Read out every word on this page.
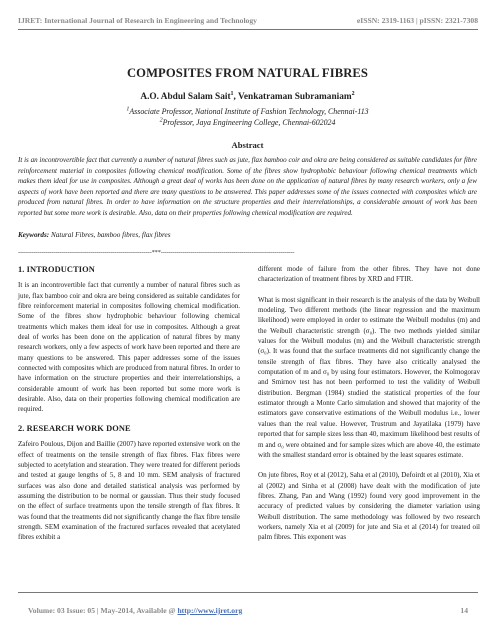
IJRET: International Journal of Research in Engineering and Technology	eISSN: 2319-1163 | pISSN: 2321-7308
COMPOSITES FROM NATURAL FIBRES
A.O. Abdul Salam Sait$^1$, Venkatraman Subramaniam$^2$
$^1$Associate Professor, National Institute of Fashion Technology, Chennai-113
$^2$Professor, Jaya Engineering College, Chennai-602024
Abstract
It is an incontrovertible fact that currently a number of natural fibres such as jute, flax bamboo coir and okra are being considered as suitable candidates for fibre reinforcement material in composites following chemical modification. Some of the fibres show hydrophobic behaviour following chemical treatments which makes them ideal for use in composites. Although a great deal of works has been done on the application of natural fibres by many research workers, only a few aspects of work have been reported and there are many questions to be answered. This paper addresses some of the issues connected with composites which are produced from natural fibres. In order to have information on the structure properties and their interrelationships, a considerable amount of work has been reported but some more work is desirable. Also, data on their properties following chemical modification are required.
Keywords: Natural Fibres, bamboo fibres, flax fibres
--------------------------------------------------------------------***--------------------------------------------------------------------
1. INTRODUCTION

It is an incontrovertible fact that currently a number of natural fibres such as jute, flax bamboo coir and okra are being considered as suitable candidates for fibre reinforcement material in composites following chemical modification. Some of the fibres show hydrophobic behaviour following chemical treatments which makes them ideal for use in composites. Although a great deal of works has been done on the application of natural fibres by many research workers, only a few aspects of work have been reported and there are many questions to be answered. This paper addresses some of the issues connected with composites which are produced from natural fibres. In order to have information on the structure properties and their interrelationships, a considerable amount of work has been reported but some more work is desirable. Also, data on their properties following chemical modification are required.

2. RESEARCH WORK DONE

Zafeiro Poulous, Dijon and Baillie (2007) have reported extensive work on the effect of treatments on the tensile strength of flax fibres. Flax fibres were subjected to acetylation and stearation. They were treated for different periods and tested at gauge lengths of 5, 8 and 10 mm. SEM analysis of fractured surfaces was also done and detailed statistical analysis was performed by assuming the distribution to be normal or gaussian. Thus their study focused on the effect of surface treatments upon the tensile strength of flax fibres. It was found that the treatments did not significantly change the flax fibre tensile strength. SEM examination of the fractured surfaces revealed that acetylated fibres exhibit a

different mode of failure from the other fibres. They have not done characterization of treatment fibres by XRD and FTIR.

What is most significant in their research is the analysis of the data by Weibull modeling. Two different methods (the linear regression and the maximum likelihood) were employed in order to estimate the Weibull modulus (m) and the Weibull characteristic strength (σ₀). The two methods yielded similar values for the Weibull modulus (m) and the Weibull characteristic strength (σ₀). It was found that the surface treatments did not significantly change the tensile strength of flax fibres. They have also critically analysed the computation of m and σ₀ by using four estimators. However, the Kolmogorav and Smirnov test has not been performed to test the validity of Weibull distribution. Bergman (1984) studied the statistical properties of the four estimator through a Monte Carlo simulation and showed that majority of the estimators gave conservative estimations of the Weibull modulus i.e., lower values than the real value. However, Trustrum and Jayatilaka (1979) have reported that for sample sizes less than 40, maximum likelihood best results of m and σ₀ were obtained and for sample sizes which are above 40, the estimate with the smallest standard error is obtained by the least squares estimate.

On jute fibres, Roy et al (2012), Saha et al (2010), Defoirdt et al (2010), Xia et al (2002) and Sinha et al (2008) have dealt with the modification of jute fibres. Zhang, Pan and Wang (1992) found very good improvement in the accuracy of predicted values by considering the diameter variation using Weibull distribution. The same methodology was followed by two research workers, namely Xia et al (2009) for jute and Sia et al (2014) for treated oil palm fibres. This exponent was

Volume: 03 Issue: 05 | May-2014, Available @ http://www.ijret.org	14
